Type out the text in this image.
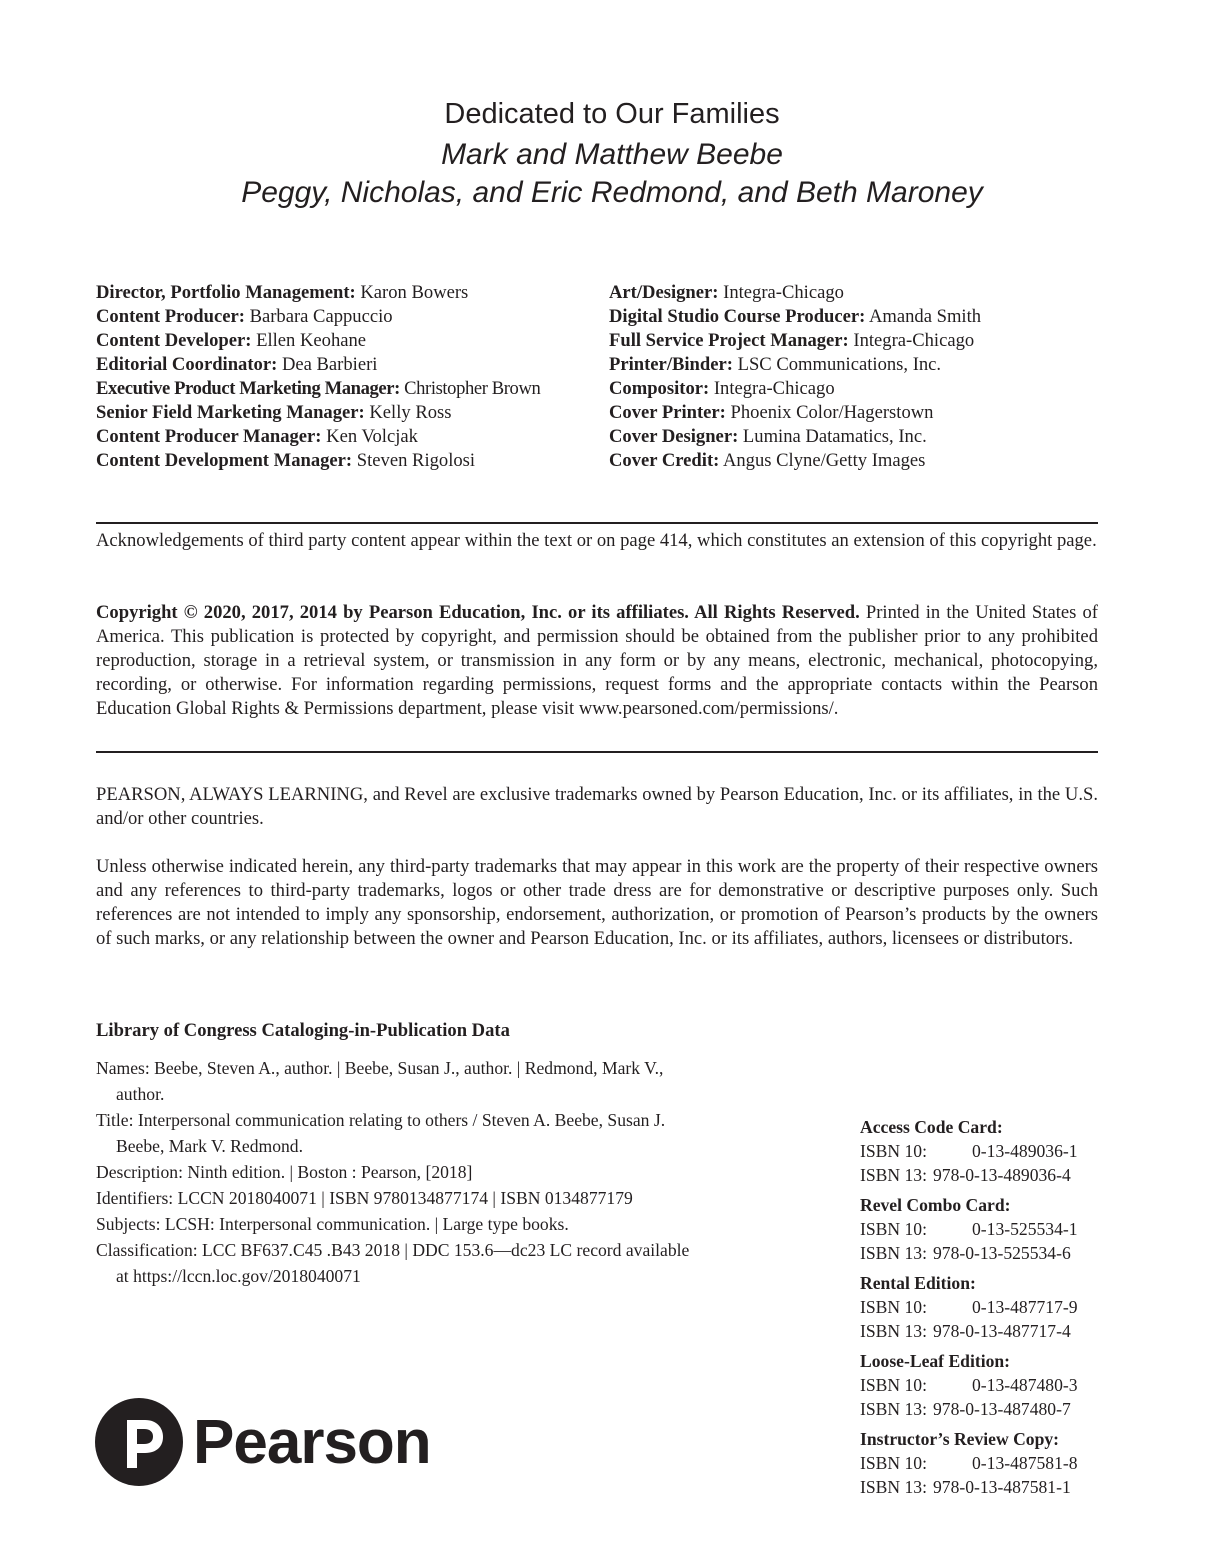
Dedicated to Our Families
Mark and Matthew Beebe
Peggy, Nicholas, and Eric Redmond, and Beth Maroney
Director, Portfolio Management: Karon Bowers
Content Producer: Barbara Cappuccio
Content Developer: Ellen Keohane
Editorial Coordinator: Dea Barbieri
Executive Product Marketing Manager: Christopher Brown
Senior Field Marketing Manager: Kelly Ross
Content Producer Manager: Ken Volcjak
Content Development Manager: Steven Rigolosi
Art/Designer: Integra-Chicago
Digital Studio Course Producer: Amanda Smith
Full Service Project Manager: Integra-Chicago
Printer/Binder: LSC Communications, Inc.
Compositor: Integra-Chicago
Cover Printer: Phoenix Color/Hagerstown
Cover Designer: Lumina Datamatics, Inc.
Cover Credit: Angus Clyne/Getty Images
Acknowledgements of third party content appear within the text or on page 414, which constitutes an extension of this copyright page.
Copyright © 2020, 2017, 2014 by Pearson Education, Inc. or its affiliates. All Rights Reserved. Printed in the United States of America. This publication is protected by copyright, and permission should be obtained from the publisher prior to any prohibited reproduction, storage in a retrieval system, or transmission in any form or by any means, electronic, mechanical, photocopying, recording, or otherwise. For information regarding permissions, request forms and the appropriate contacts within the Pearson Education Global Rights & Permissions department, please visit www.pearsoned.com/permissions/.
PEARSON, ALWAYS LEARNING, and Revel are exclusive trademarks owned by Pearson Education, Inc. or its affiliates, in the U.S. and/or other countries.
Unless otherwise indicated herein, any third-party trademarks that may appear in this work are the property of their respective owners and any references to third-party trademarks, logos or other trade dress are for demonstrative or descriptive purposes only. Such references are not intended to imply any sponsorship, endorsement, authorization, or promotion of Pearson’s products by the owners of such marks, or any relationship between the owner and Pearson Education, Inc. or its affiliates, authors, licensees or distributors.
Library of Congress Cataloging-in-Publication Data
Names: Beebe, Steven A., author. | Beebe, Susan J., author. | Redmond, Mark V., author.
Title: Interpersonal communication relating to others / Steven A. Beebe, Susan J. Beebe, Mark V. Redmond.
Description: Ninth edition. | Boston : Pearson, [2018]
Identifiers: LCCN 2018040071 | ISBN 9780134877174 | ISBN 0134877179
Subjects: LCSH: Interpersonal communication. | Large type books.
Classification: LCC BF637.C45 .B43 2018 | DDC 153.6—dc23 LC record available at https://lccn.loc.gov/2018040071
Access Code Card:
ISBN 10:	0-13-489036-1
ISBN 13: 978-0-13-489036-4
Revel Combo Card:
ISBN 10:	0-13-525534-1
ISBN 13: 978-0-13-525534-6
Rental Edition:
ISBN 10:	0-13-487717-9
ISBN 13: 978-0-13-487717-4
Loose-Leaf Edition:
ISBN 10:	0-13-487480-3
ISBN 13: 978-0-13-487480-7
Instructor’s Review Copy:
ISBN 10:	0-13-487581-8
ISBN 13: 978-0-13-487581-1
Pearson
